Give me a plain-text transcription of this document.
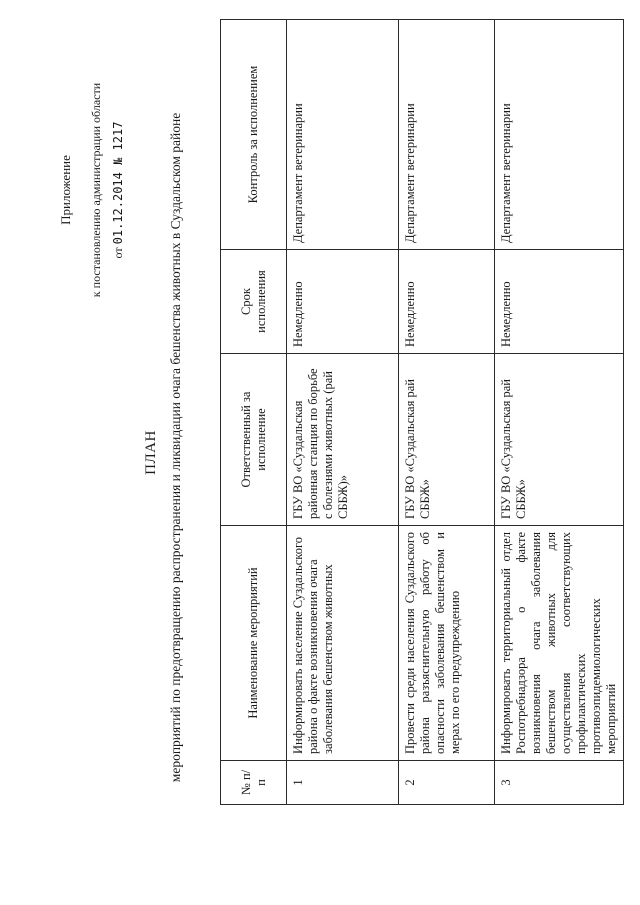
Приложение к постановлению администрации области от 01.12.2014 № 1217
ПЛАН мероприятий по предотвращению распространения и ликвидации очага бешенства животных в Суздальском районе
№ п/п	Наименование мероприятий	Ответственный за исполнение	Срок исполнения	Контроль за исполнением
1	Информировать население Суздальского района о факте возникновения очага заболевания бешенством животных	ГБУ ВО «Суздальская районная станция по борьбе с болезнями животных (рай СББЖ)»	Немедленно	Департамент ветеринарии
2	Провести среди населения Суздальского района разъяснительную работу об опасности заболевания бешенством и мерах по его предупреждению	ГБУ ВО «Суздальская рай СББЖ»	Немедленно	Департамент ветеринарии
3	Информировать территориальный отдел Роспотребнадзора о факте возникновения очага заболевания бешенством животных для осуществления соответствующих профилактических противоэпидемиологических мероприятий	ГБУ ВО «Суздальская рай СББЖ»	Немедленно	Департамент ветеринарии
